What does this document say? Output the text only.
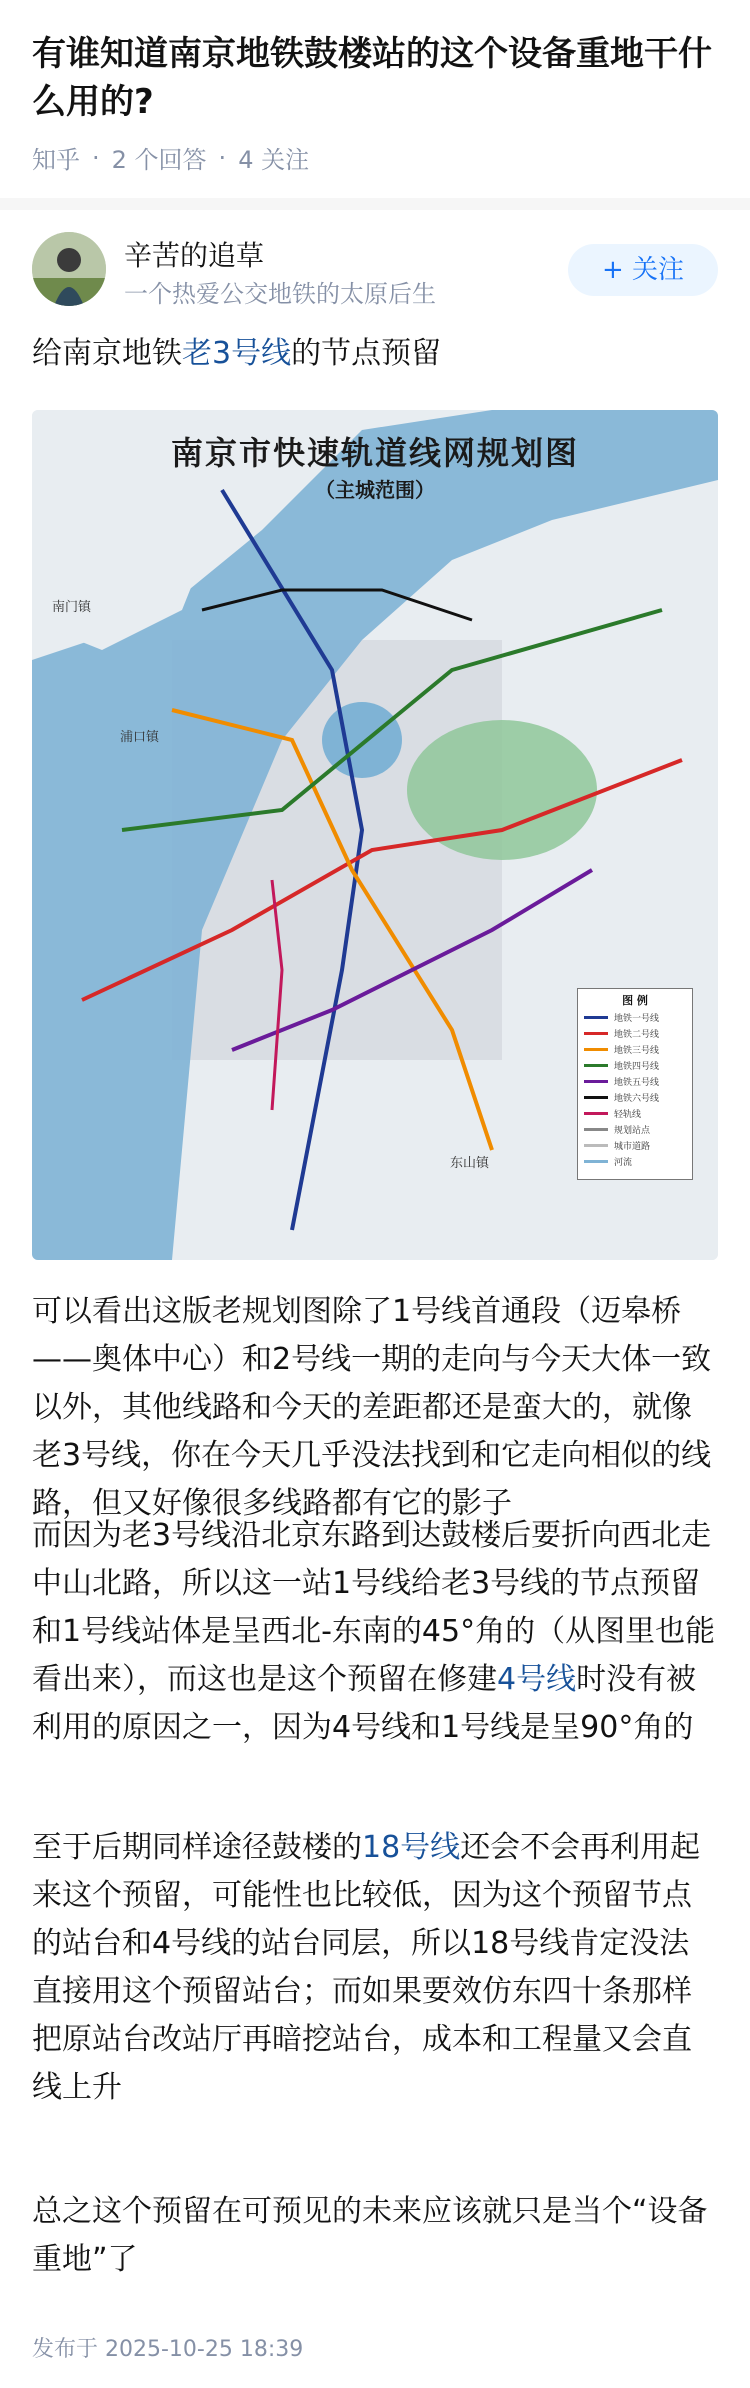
有谁知道南京地铁鼓楼站的这个设备重地干什么用的?
知乎 · 2 个回答 · 4 关注
辛苦的追草
一个热爱公交地铁的太原后生
+ 关注
给南京地铁老3号线的节点预留
南京市快速轨道线网规划图
（主城范围）
南门镇
浦口镇
东山镇
图 例
地铁一号线
地铁二号线
地铁三号线
地铁四号线
地铁五号线
地铁六号线
轻轨线
规划站点
城市道路
河流
可以看出这版老规划图除了1号线首通段（迈皋桥——奥体中心）和2号线一期的走向与今天大体一致以外，其他线路和今天的差距都还是蛮大的，就像老3号线，你在今天几乎没法找到和它走向相似的线路，但又好像很多线路都有它的影子
而因为老3号线沿北京东路到达鼓楼后要折向西北走中山北路，所以这一站1号线给老3号线的节点预留和1号线站体是呈西北-东南的45°角的（从图里也能看出来），而这也是这个预留在修建4号线时没有被利用的原因之一，因为4号线和1号线是呈90°角的
至于后期同样途径鼓楼的18号线还会不会再利用起来这个预留，可能性也比较低，因为这个预留节点的站台和4号线的站台同层，所以18号线肯定没法直接用这个预留站台；而如果要效仿东四十条那样把原站台改站厅再暗挖站台，成本和工程量又会直线上升
总之这个预留在可预见的未来应该就只是当个“设备重地”了
发布于 2025-10-25 18:39
